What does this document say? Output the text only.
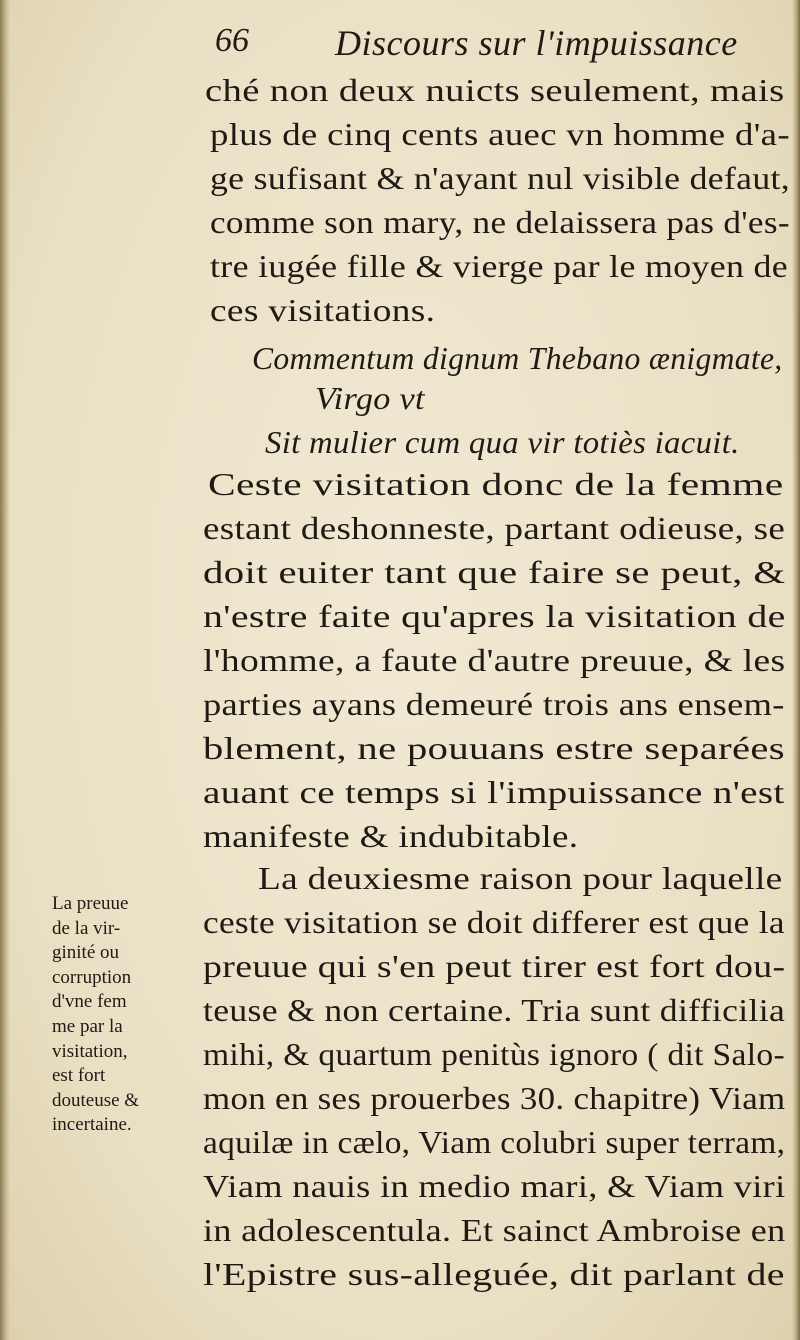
66 Discours sur l'impuissance
ché non deux nuicts seulement, mais
plus de cinq cents auec vn homme d'a-
ge sufisant & n'ayant nul visible defaut,
comme son mary, ne delaissera pas d'es-
tre iugée fille & vierge par le moyen de
ces visitations.
Commentum dignum Thebano ænigmate,
Virgo vt
Sit mulier cum qua vir totiès iacuit.
Ceste visitation donc de la femme
estant deshonneste, partant odieuse, se
doit euiter tant que faire se peut, &
n'estre faite qu'apres la visitation de
l'homme, a faute d'autre preuue, & les
parties ayans demeuré trois ans ensem-
blement, ne pouuans estre separées
auant ce temps si l'impuissance n'est
manifeste & indubitable.
La deuxiesme raison pour laquelle
ceste visitation se doit differer est que la
preuue qui s'en peut tirer est fort dou-
teuse & non certaine. Tria sunt difficilia
mihi, & quartum penitùs ignoro ( dit Salo-
mon en ses prouerbes 30. chapitre) Viam
aquilæ in cælo, Viam colubri super terram,
Viam nauis in medio mari, & Viam viri
in adolescentula. Et sainct Ambroise en
l'Epistre sus-alleguée, dit parlant de
La preuue
de la vir-
ginité ou
corruption
d'vne fem
me par la
visitation,
est fort
douteuse &
incertaine.
